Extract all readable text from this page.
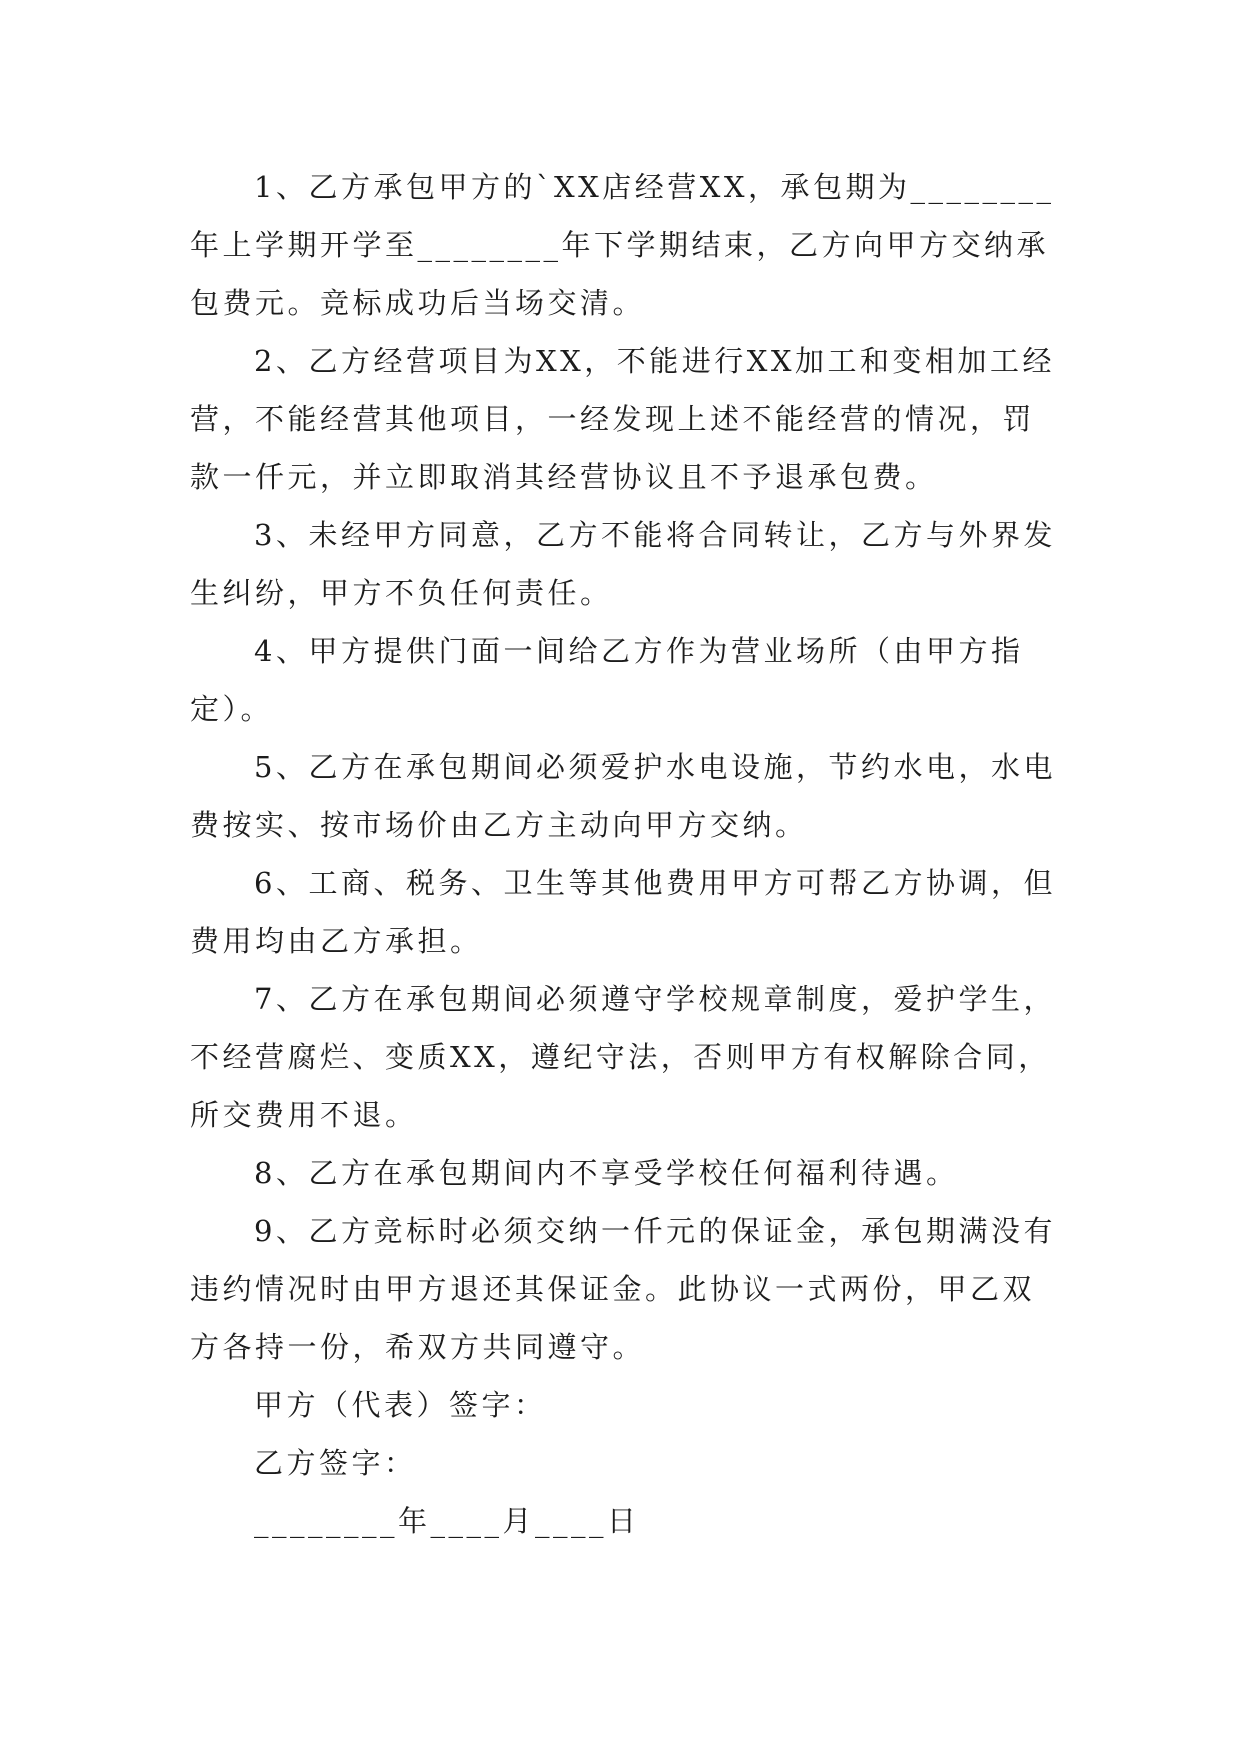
1、乙方承包甲方的`XX店经营XX，承包期为________年上学期开学至________年下学期结束，乙方向甲方交纳承包费元。竞标成功后当场交清。

2、乙方经营项目为XX，不能进行XX加工和变相加工经营，不能经营其他项目，一经发现上述不能经营的情况，罚款一仟元，并立即取消其经营协议且不予退承包费。

3、未经甲方同意，乙方不能将合同转让，乙方与外界发生纠纷，甲方不负任何责任。

4、甲方提供门面一间给乙方作为营业场所（由甲方指定）。

5、乙方在承包期间必须爱护水电设施，节约水电，水电费按实、按市场价由乙方主动向甲方交纳。

6、工商、税务、卫生等其他费用甲方可帮乙方协调，但费用均由乙方承担。

7、乙方在承包期间必须遵守学校规章制度，爱护学生，不经营腐烂、变质XX，遵纪守法，否则甲方有权解除合同，所交费用不退。

8、乙方在承包期间内不享受学校任何福利待遇。

9、乙方竞标时必须交纳一仟元的保证金，承包期满没有违约情况时由甲方退还其保证金。此协议一式两份，甲乙双方各持一份，希双方共同遵守。

甲方（代表）签字：

乙方签字：

________年____月____日
